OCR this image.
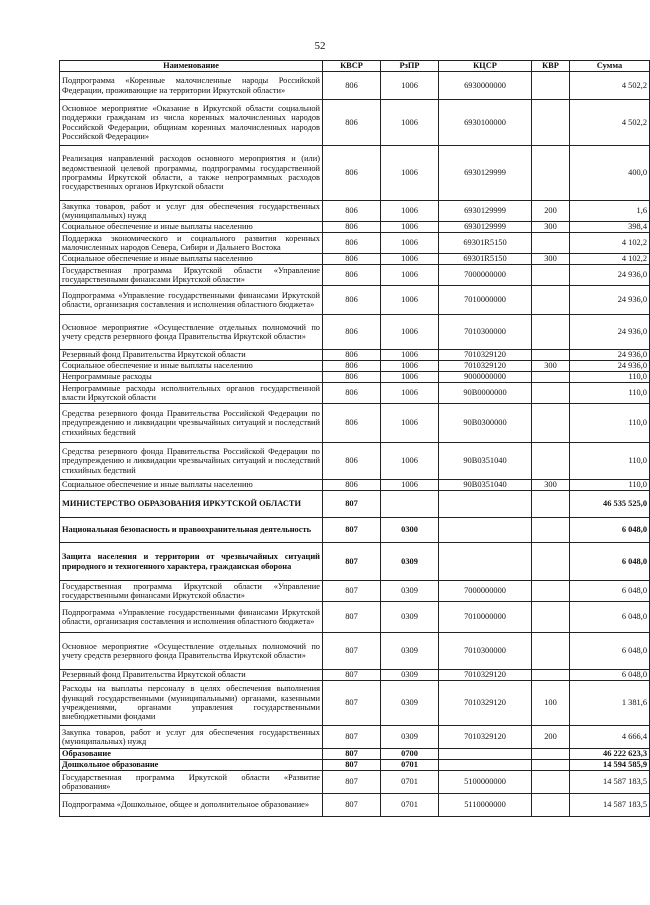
52
Наименование	КВСР	РзПР	КЦСР	КВР	Сумма
Подпрограмма «Коренные малочисленные народы Российской Федерации, проживающие на территории Иркутской области»	806	1006	6930000000		4 502,2
Основное мероприятие «Оказание в Иркутской области социальной поддержки гражданам из числа коренных малочисленных народов Российской Федерации, общинам коренных малочисленных народов Российской Федерации»	806	1006	6930100000		4 502,2
Реализация направлений расходов основного мероприятия и (или) ведомственной целевой программы, подпрограммы государственной программы Иркутской области, а также непрограммных расходов государственных органов Иркутской области	806	1006	6930129999		400,0
Закупка товаров, работ и услуг для обеспечения государственных (муниципальных) нужд	806	1006	6930129999	200	1,6
Социальное обеспечение и иные выплаты населению	806	1006	6930129999	300	398,4
Поддержка экономического и социального развития коренных малочисленных народов Севера, Сибири и Дальнего Востока	806	1006	69301R5150		4 102,2
Социальное обеспечение и иные выплаты населению	806	1006	69301R5150	300	4 102,2
Государственная программа Иркутской области «Управление государственными финансами Иркутской области»	806	1006	7000000000		24 936,0
Подпрограмма «Управление государственными финансами Иркутской области, организация составления и исполнения областного бюджета»	806	1006	7010000000		24 936,0
Основное мероприятие «Осуществление отдельных полномочий по учету средств резервного фонда Правительства Иркутской области»	806	1006	7010300000		24 936,0
Резервный фонд Правительства Иркутской области	806	1006	7010329120		24 936,0
Социальное обеспечение и иные выплаты населению	806	1006	7010329120	300	24 936,0
Непрограммные расходы	806	1006	9000000000		110,0
Непрограммные расходы исполнительных органов государственной власти Иркутской области	806	1006	90В0000000		110,0
Средства резервного фонда Правительства Российской Федерации по предупреждению и ликвидации чрезвычайных ситуаций и последствий стихийных бедствий	806	1006	90В0300000		110,0
Средства резервного фонда Правительства Российской Федерации по предупреждению и ликвидации чрезвычайных ситуаций и последствий стихийных бедствий	806	1006	90В0351040		110,0
Социальное обеспечение и иные выплаты населению	806	1006	90В0351040	300	110,0
МИНИСТЕРСТВО ОБРАЗОВАНИЯ ИРКУТСКОЙ ОБЛАСТИ	807				46 535 525,0
Национальная безопасность и правоохранительная деятельность	807	0300			6 048,0
Защита населения и территории от чрезвычайных ситуаций природного и техногенного характера, гражданская оборона	807	0309			6 048,0
Государственная программа Иркутской области «Управление государственными финансами Иркутской области»	807	0309	7000000000		6 048,0
Подпрограмма «Управление государственными финансами Иркутской области, организация составления и исполнения областного бюджета»	807	0309	7010000000		6 048,0
Основное мероприятие «Осуществление отдельных полномочий по учету средств резервного фонда Правительства Иркутской области»	807	0309	7010300000		6 048,0
Резервный фонд Правительства Иркутской области	807	0309	7010329120		6 048,0
Расходы на выплаты персоналу в целях обеспечения выполнения функций государственными (муниципальными) органами, казенными учреждениями, органами управления государственными внебюджетными фондами	807	0309	7010329120	100	1 381,6
Закупка товаров, работ и услуг для обеспечения государственных (муниципальных) нужд	807	0309	7010329120	200	4 666,4
Образование	807	0700			46 222 623,3
Дошкольное образование	807	0701			14 594 585,9
Государственная программа Иркутской области «Развитие образования»	807	0701	5100000000		14 587 183,5
Подпрограмма «Дошкольное, общее и дополнительное образование»	807	0701	5110000000		14 587 183,5
